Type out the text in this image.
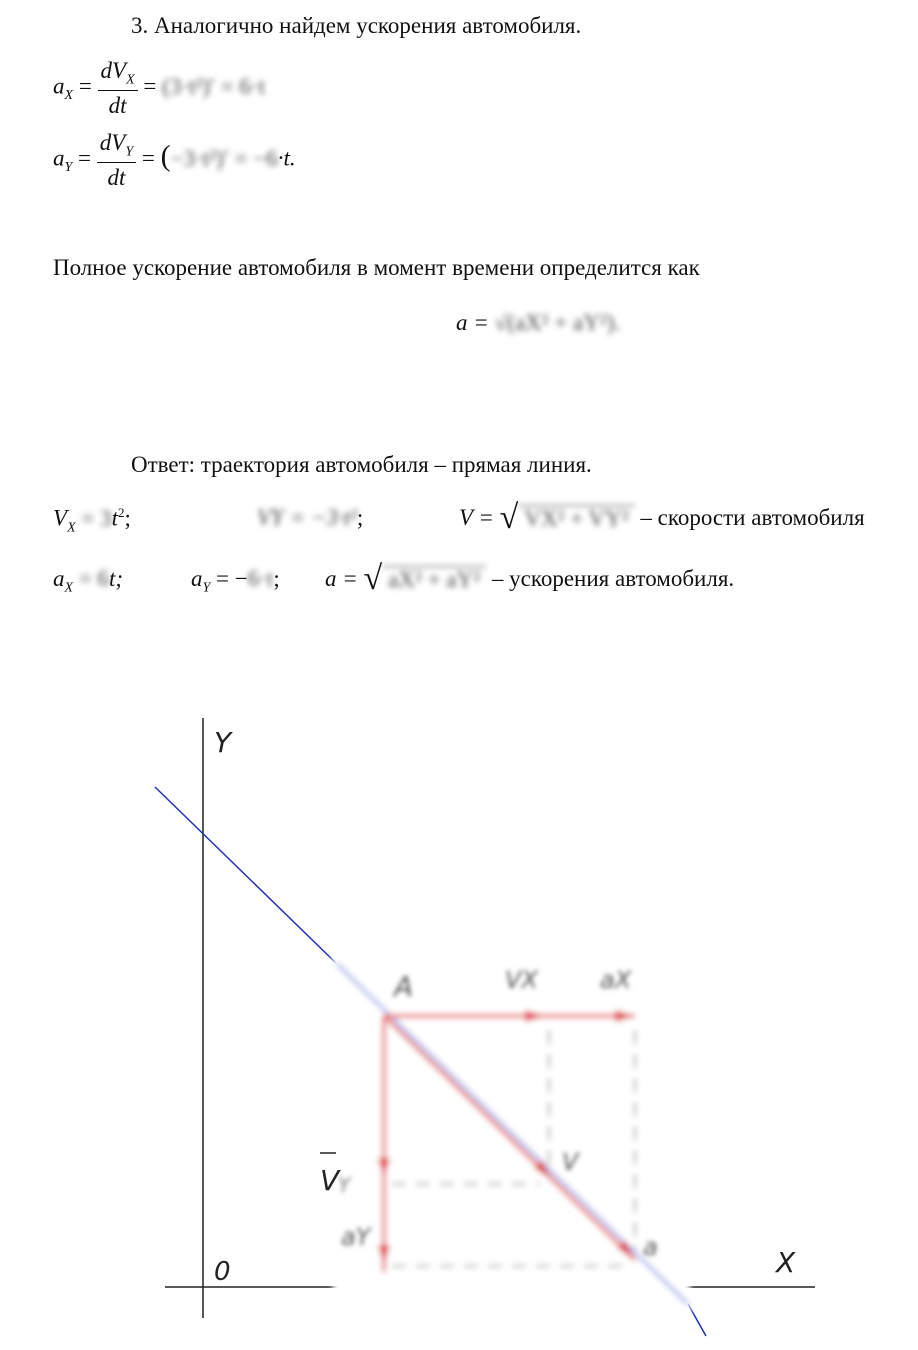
3. Аналогично найдем ускорения автомобиля.
$a_X = \frac{dV_X}{dt} = (3\cdot t^2)' = 6\cdot t$
$a_Y = \frac{dV_Y}{dt} = (-3\cdot t^2)' = -6\cdot t$.
Полное ускорение автомобиля в момент времени определится как
a = √(aX² + aY²).
Ответ: траектория автомобиля – прямая линия.
$V_X = 3t^2$;	VY = −3·t²;	V = √ VX² + VY² – скорости автомобиля
$a_X = 6t$;	$a_Y = -6\cdot t$; a = √ aX² + aY² – ускорения автомобиля.
Y
X
0
A	VX	aX
V
a
aY
V
Y
